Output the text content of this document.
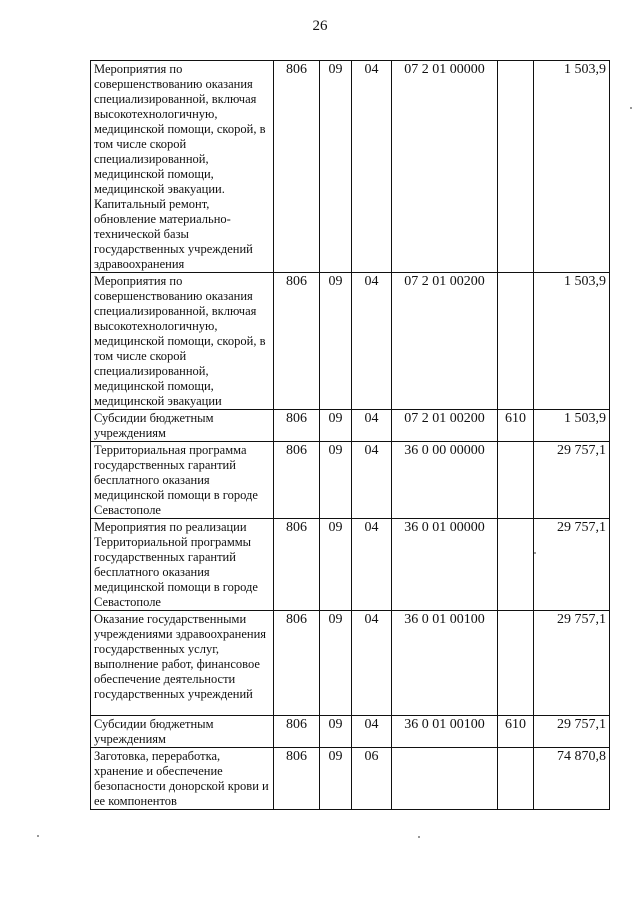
26
Мероприятия по совершенствованию оказания специализированной, включая высокотехнологичную, медицинской помощи, скорой, в том числе скорой специализированной, медицинской помощи, медицинской эвакуации. Капитальный ремонт, обновление материально-технической базы государственных учреждений здравоохранения	806	09	04	07 2 01 00000		1 503,9
Мероприятия по совершенствованию оказания специализированной, включая высокотехнологичную, медицинской помощи, скорой, в том числе скорой специализированной, медицинской помощи, медицинской эвакуации	806	09	04	07 2 01 00200		1 503,9
Субсидии бюджетным учреждениям	806	09	04	07 2 01 00200	610	1 503,9
Территориальная программа государственных гарантий бесплатного оказания медицинской помощи в городе Севастополе	806	09	04	36 0 00 00000		29 757,1
Мероприятия по реализации Территориальной программы государственных гарантий бесплатного оказания медицинской помощи в городе Севастополе	806	09	04	36 0 01 00000		29 757,1
Оказание государственными учреждениями здравоохранения государственных услуг, выполнение работ, финансовое обеспечение деятельности государственных учреждений	806	09	04	36 0 01 00100		29 757,1
Субсидии бюджетным учреждениям	806	09	04	36 0 01 00100	610	29 757,1
Заготовка, переработка, хранение и обеспечение безопасности донорской крови и ее компонентов	806	09	06			74 870,8
